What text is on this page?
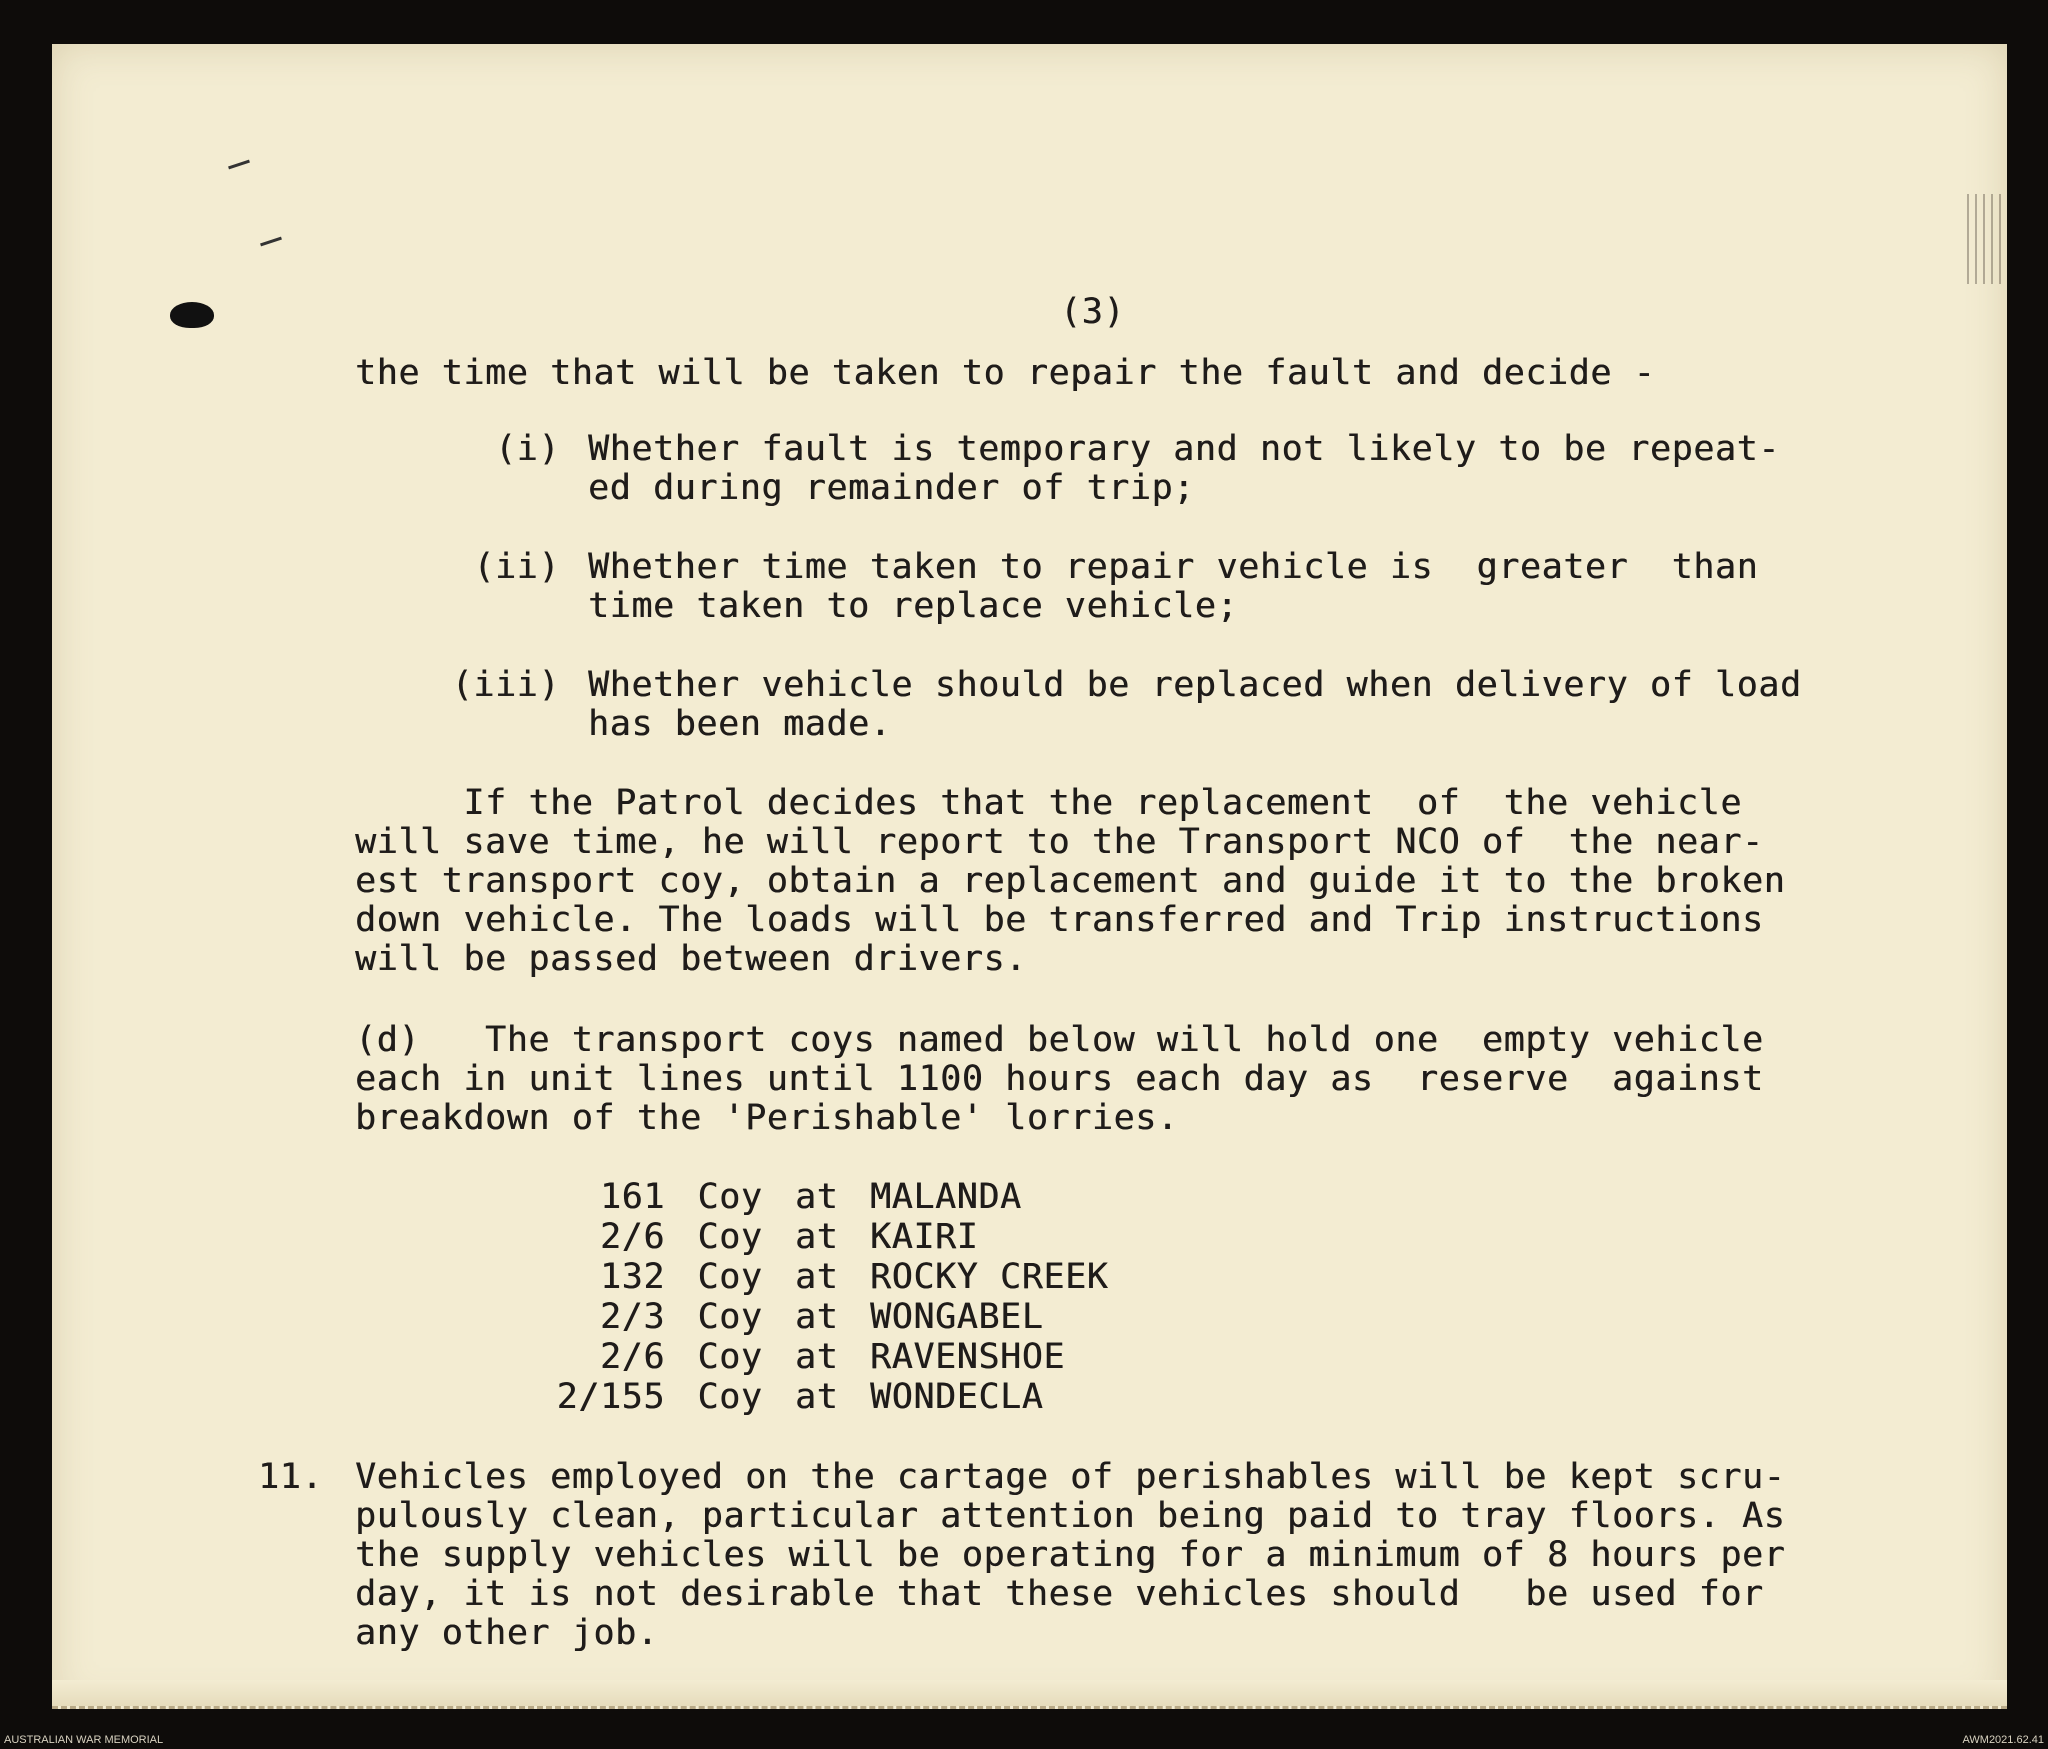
(3)
the time that will be taken to repair the fault and decide -
(i) Whether fault is temporary and not likely to be repeat-
ed during remainder of trip;
(ii) Whether time taken to repair vehicle is  greater  than
time taken to replace vehicle;
(iii) Whether vehicle should be replaced when delivery of load
has been made.
If the Patrol decides that the replacement  of  the vehicle
will save time, he will report to the Transport NCO of  the near-
est transport coy, obtain a replacement and guide it to the broken
down vehicle. The loads will be transferred and Trip instructions
will be passed between drivers.
(d)   The transport coys named below will hold one  empty vehicle
each in unit lines until 1100 hours each day as  reserve  against
breakdown of the 'Perishable' lorries.
161 Coy at MALANDA
2/6 Coy at KAIRI
132 Coy at ROCKY CREEK
2/3 Coy at WONGABEL
2/6 Coy at RAVENSHOE
2/155 Coy at WONDECLA
11. Vehicles employed on the cartage of perishables will be kept scru-
pulously clean, particular attention being paid to tray floors. As
the supply vehicles will be operating for a minimum of 8 hours per
day, it is not desirable that these vehicles should   be used for
any other job.
AUSTRALIAN WAR MEMORIAL	AWM2021.62.41
